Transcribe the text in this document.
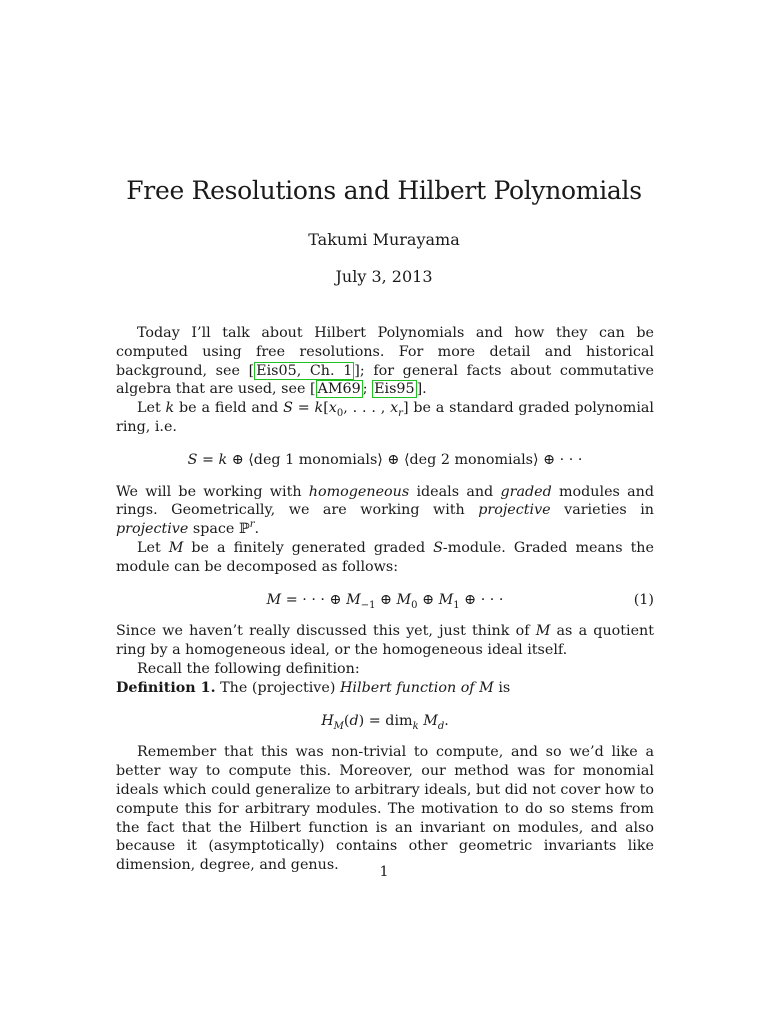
Free Resolutions and Hilbert Polynomials
Takumi Murayama
July 3, 2013

Today I’ll talk about Hilbert Polynomials and how they can be computed using free resolutions. For more detail and historical background, see [ Eis05, Ch. 1 ]; for general facts about commutative algebra that are used, see [ AM69 ; Eis95 ].

Let k be a field and $S = k[x_0$, . . . , $x_r$] be a standard graded polynomial ring, i.e.

S = k ⊕ ⟨deg 1 monomials⟩ ⊕ ⟨deg 2 monomials⟩ ⊕ · · ·

We will be working with homogeneous ideals and graded modules and rings. Geometrically, we are working with projective varieties in projective space ℙ$^r$.

Let M be a finitely generated graded S-module. Graded means the module can be decomposed as follows:

M = · · · ⊕ $M_{-1}$ ⊕ $M_0$ ⊕ $M_1$ ⊕ · · ·	(1)

Since we haven’t really discussed this yet, just think of M as a quotient ring by a homogeneous ideal, or the homogeneous ideal itself.

Recall the following definition:

Definition 1. The (projective) Hilbert function of M is

$H_M(d) = dim_k$ $M_d$.

Remember that this was non-trivial to compute, and so we’d like a better way to compute this. Moreover, our method was for monomial ideals which could generalize to arbitrary ideals, but did not cover how to compute this for arbitrary modules. The motivation to do so stems from the fact that the Hilbert function is an invariant on modules, and also because it (asymptotically) contains other geometric invariants like dimension, degree, and genus.	1
